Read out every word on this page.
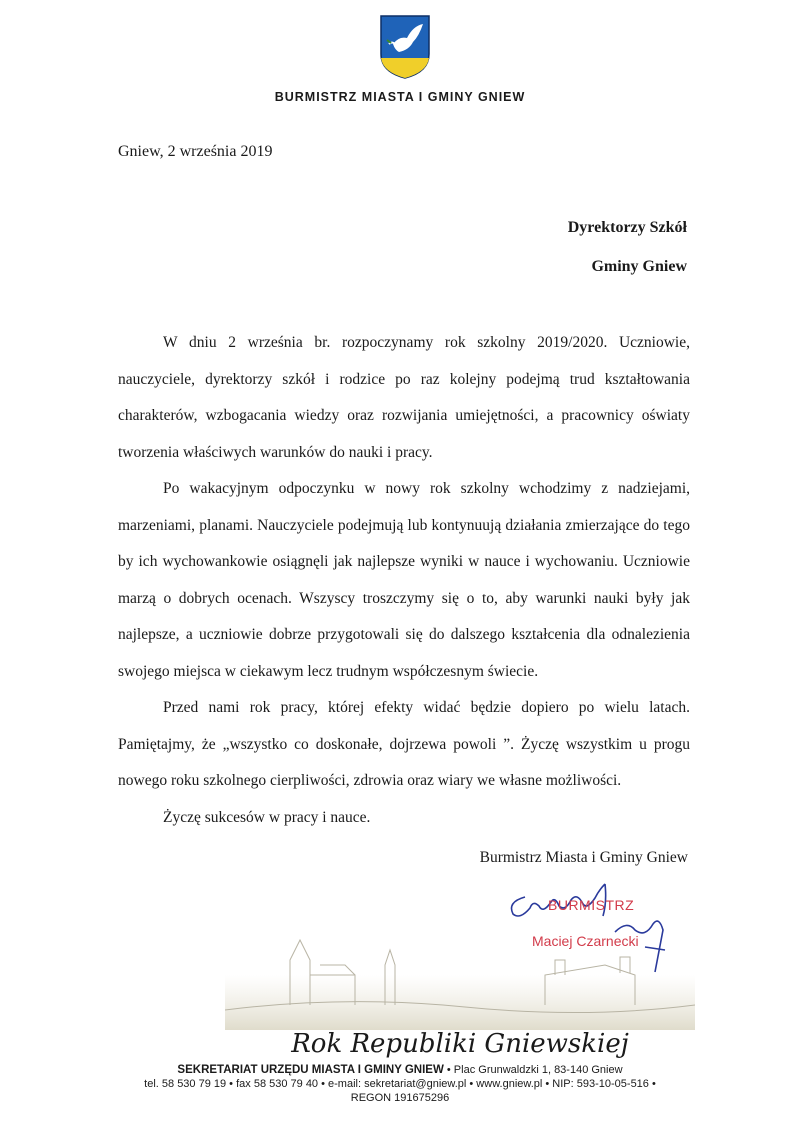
BURMISTRZ MIASTA I GMINY GNIEW
Gniew, 2 września 2019
Dyrektorzy Szkół
Gminy Gniew

W dniu 2 września br. rozpoczynamy rok szkolny 2019/2020. Uczniowie, nauczyciele, dyrektorzy szkół i rodzice po raz kolejny podejmą trud kształtowania charakterów, wzbogacania wiedzy oraz rozwijania umiejętności, a pracownicy oświaty tworzenia właściwych warunków do nauki i pracy.

Po wakacyjnym odpoczynku w nowy rok szkolny wchodzimy z nadziejami, marzeniami, planami. Nauczyciele podejmują lub kontynuują działania zmierzające do tego by ich wychowankowie osiągnęli jak najlepsze wyniki w nauce i wychowaniu. Uczniowie marzą o dobrych ocenach. Wszyscy troszczymy się o to, aby warunki nauki były jak najlepsze, a uczniowie dobrze przygotowali się do dalszego kształcenia dla odnalezienia swojego miejsca w ciekawym lecz trudnym współczesnym świecie.

Przed nami rok pracy, której efekty widać będzie dopiero po wielu latach. Pamiętajmy, że „wszystko co doskonałe, dojrzewa powoli ”. Życzę wszystkim u progu nowego roku szkolnego cierpliwości, zdrowia oraz wiary we własne możliwości.

Życzę sukcesów w pracy i nauce.

Burmistrz Miasta i Gminy Gniew
BURMISTRZ
Maciej Czarnecki
Rok Republiki Gniewskiej
SEKRETARIAT URZĘDU MIASTA I GMINY GNIEW • Plac Grunwaldzki 1, 83-140 Gniew
tel. 58 530 79 19 • fax 58 530 79 40 • e-mail: sekretariat@gniew.pl • www.gniew.pl • NIP: 593-10-05-516 •
REGON 191675296
